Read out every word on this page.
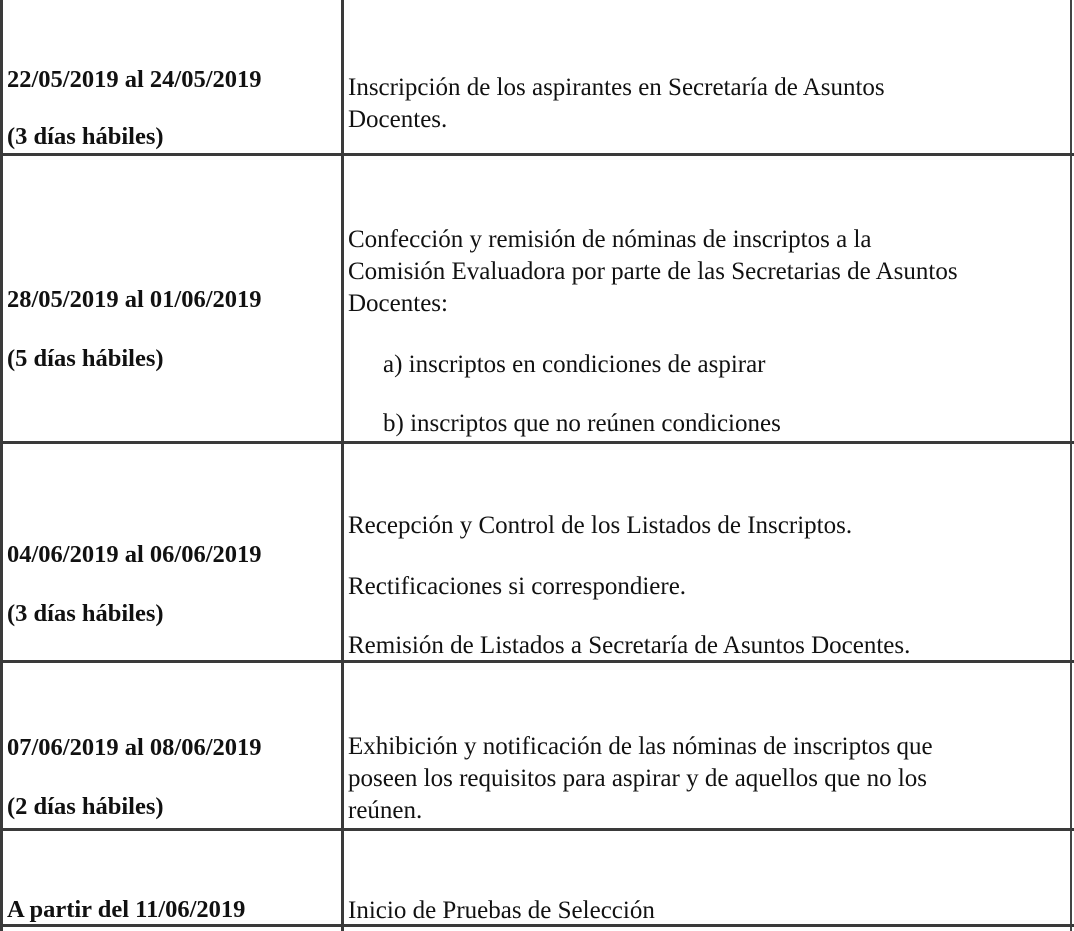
22/05/2019 al 24/05/2019
(3 días hábiles)
Inscripción de los aspirantes en Secretaría de Asuntos
Docentes.
28/05/2019 al 01/06/2019
(5 días hábiles)
Confección y remisión de nóminas de inscriptos a la
Comisión Evaluadora por parte de las Secretarias de Asuntos
Docentes:
a) inscriptos en condiciones de aspirar
b) inscriptos que no reúnen condiciones
04/06/2019 al 06/06/2019
(3 días hábiles)
Recepción y Control de los Listados de Inscriptos.
Rectificaciones si correspondiere.
Remisión de Listados a Secretaría de Asuntos Docentes.
07/06/2019 al 08/06/2019
(2 días hábiles)
Exhibición y notificación de las nóminas de inscriptos que
poseen los requisitos para aspirar y de aquellos que no los
reúnen.
A partir del 11/06/2019	Inicio de Pruebas de Selección
